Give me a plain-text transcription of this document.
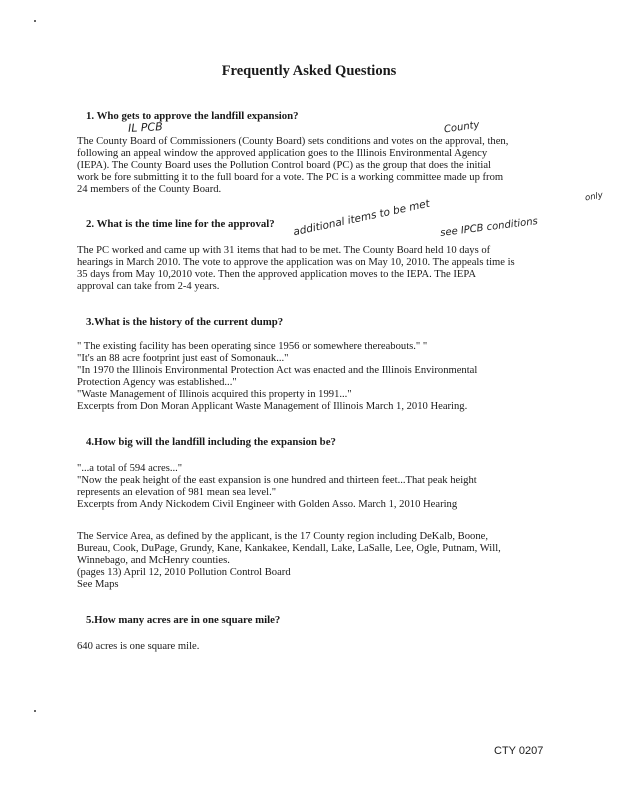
Frequently Asked Questions
1. Who gets to approve the landfill expansion?
IL PCB	County
The County Board of Commissioners (County Board) sets conditions and votes on the approval, then,
following an appeal window the approved application goes to the Illinois Environmental Agency
(IEPA). The County Board uses the Pollution Control board (PC) as the group that does the initial
work be fore submitting it to the full board for a vote. The PC is a working committee made up from
only
24 members of the County Board.
2. What is the time line for the approval? additional items to be met see IPCB conditions
The PC worked and came up with 31 items that had to be met. The County Board held 10 days of
hearings in March 2010. The vote to approve the application was on May 10, 2010. The appeals time is
35 days from May 10,2010 vote. Then the approved application moves to the IEPA. The IEPA
approval can take from 2-4 years.
3.What is the history of the current dump?
" The existing facility has been operating since 1956 or somewhere thereabouts." "
"It's an 88 acre footprint just east of Somonauk..."
"In 1970 the Illinois Environmental Protection Act was enacted and the Illinois Environmental
Protection Agency was established..."
"Waste Management of Illinois acquired this property in 1991..."
Excerpts from Don Moran Applicant Waste Management of Illinois March 1, 2010 Hearing.
4.How big will the landfill including the expansion be?
"...a total of 594 acres..."
"Now the peak height of the east expansion is one hundred and thirteen feet...That peak height
represents an elevation of 981 mean sea level."
Excerpts from Andy Nickodem Civil Engineer with Golden Asso. March 1, 2010 Hearing
The Service Area, as defined by the applicant, is the 17 County region including DeKalb, Boone,
Bureau, Cook, DuPage, Grundy, Kane, Kankakee, Kendall, Lake, LaSalle, Lee, Ogle, Putnam, Will,
Winnebago, and McHenry counties.
(pages 13) April 12, 2010 Pollution Control Board
See Maps
5.How many acres are in one square mile?
640 acres is one square mile.
CTY 0207
